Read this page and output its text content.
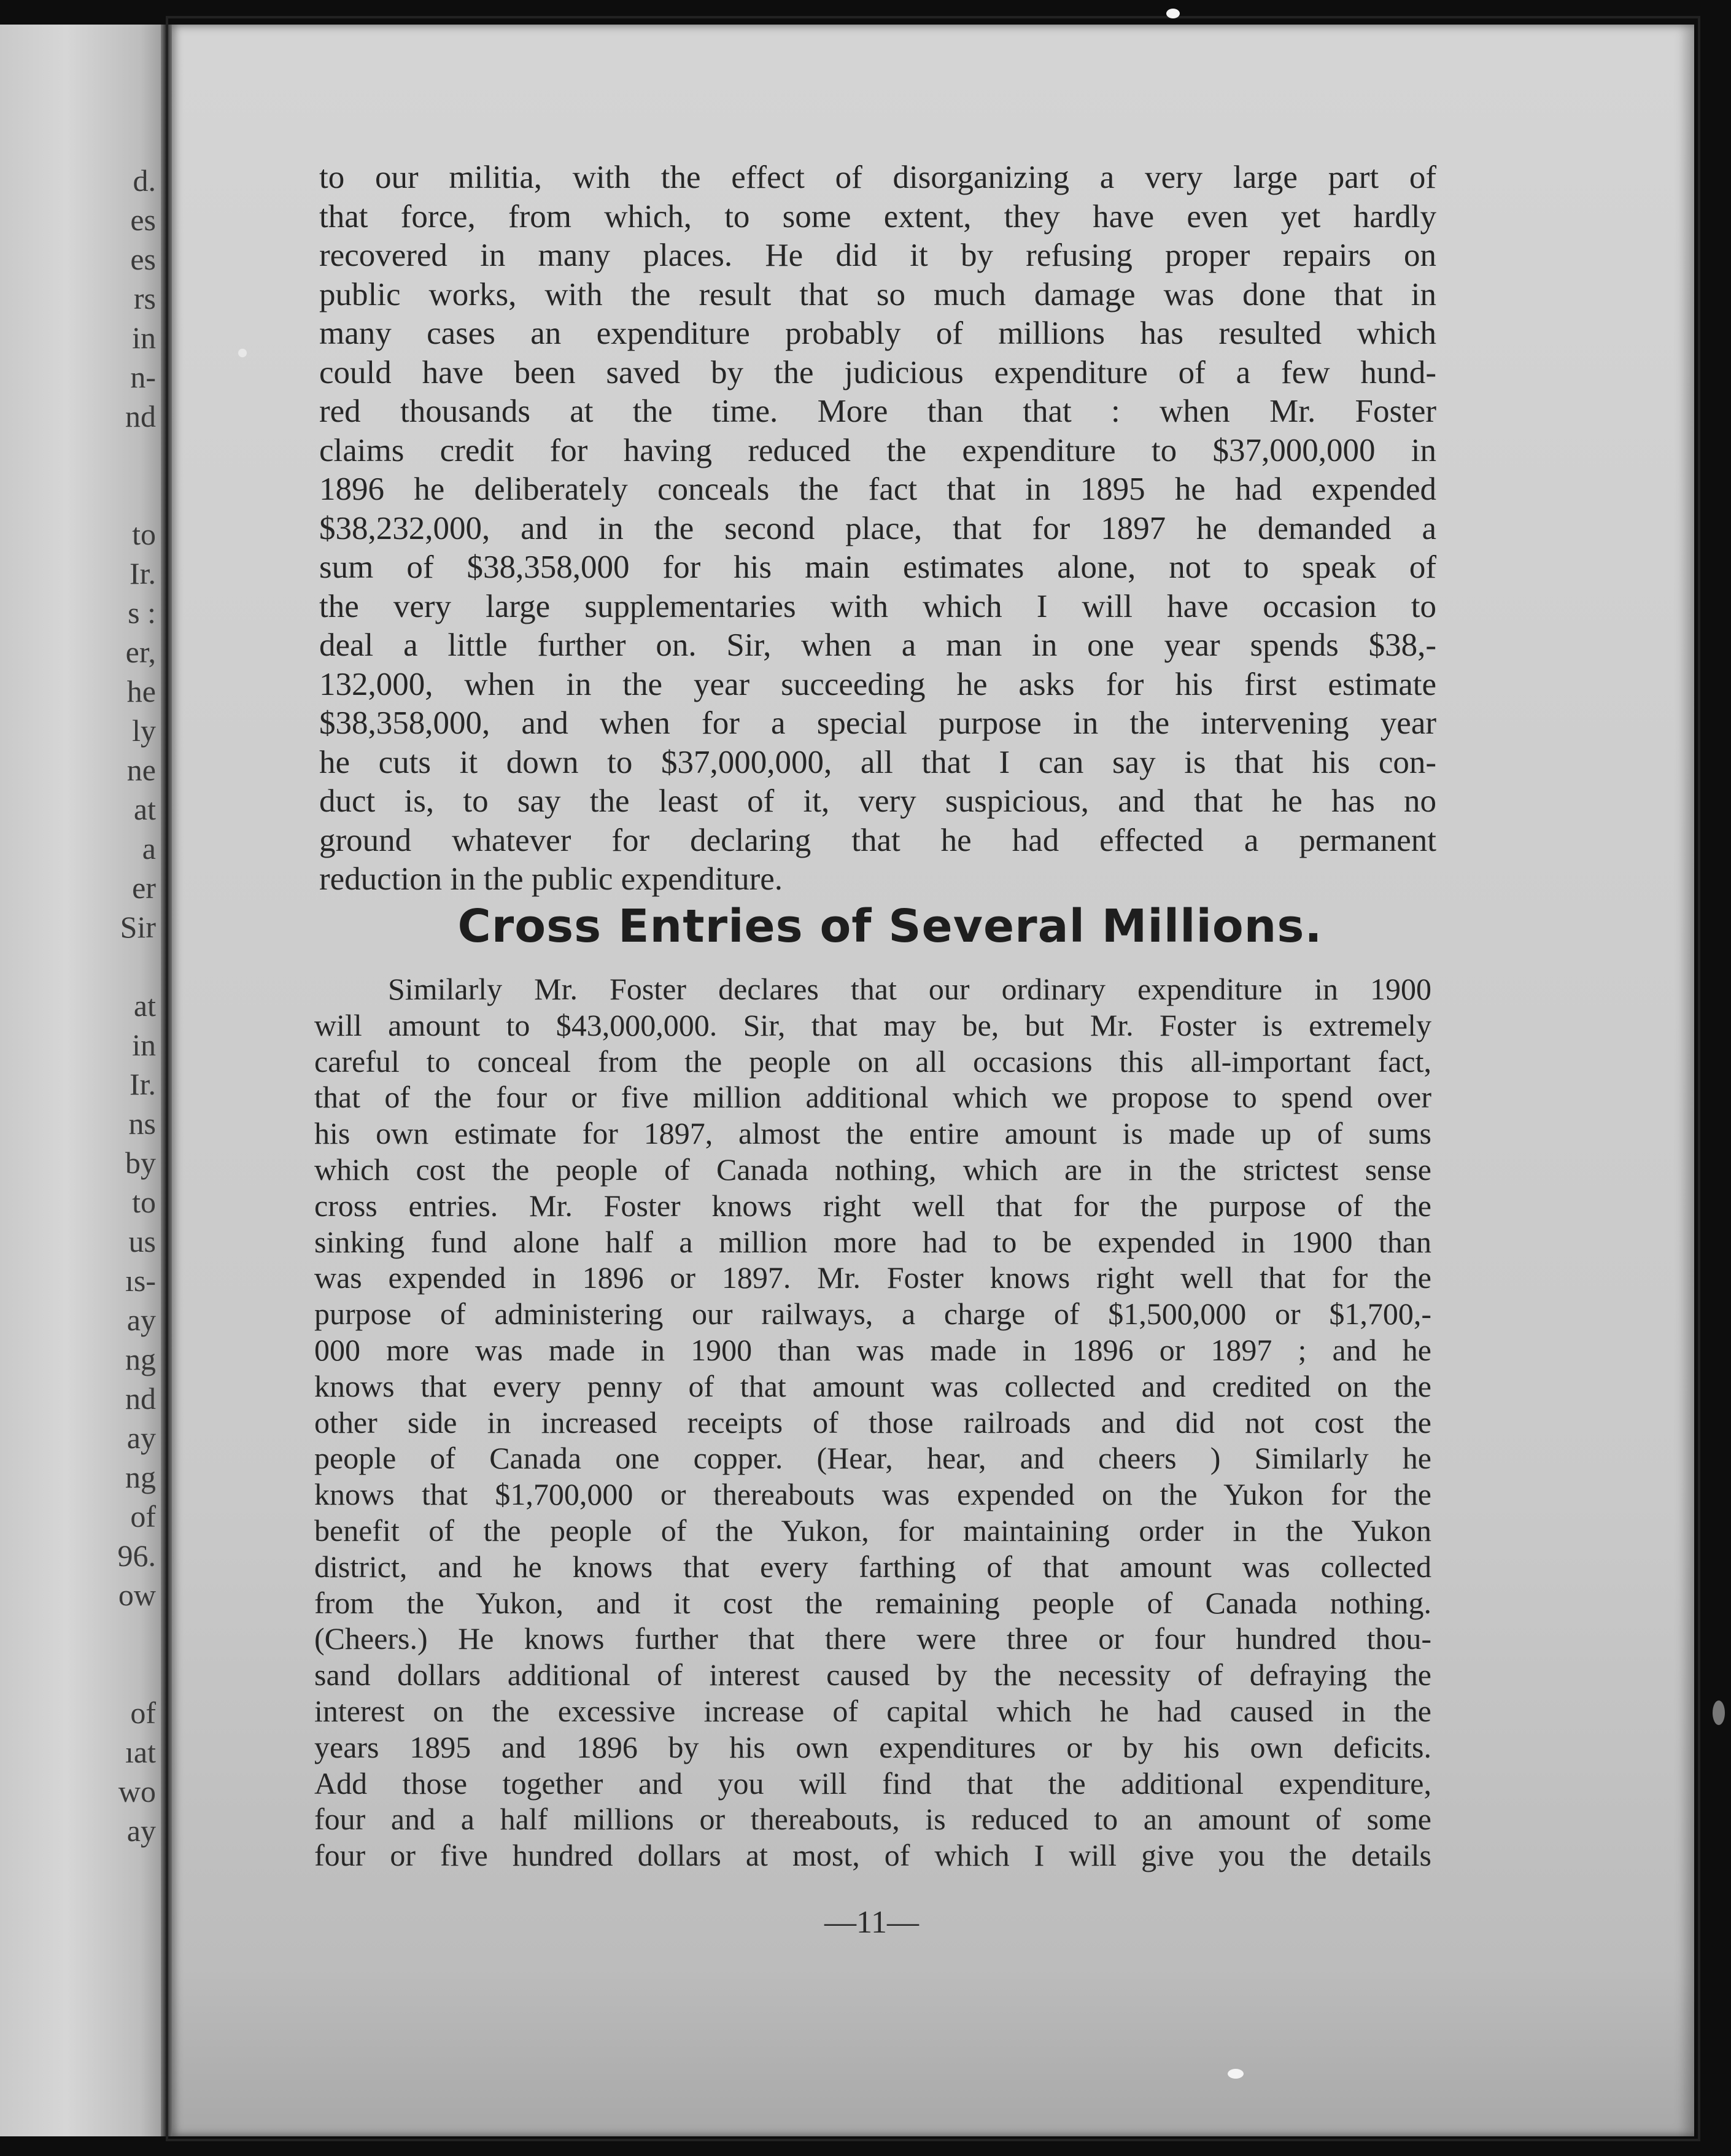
d.
es
es
rs
in
n-
nd
to
Ir.
s :
er,
he
ly
ne
at
a
er
Sir
at
in
Ir.
ns
by
to
us
ıs-
ay
ng
nd
ay
ng
of
96.
ow
of
ıat
wo
ay
to our militia, with the effect of disorganizing a very large part of
that force, from which, to some extent, they have even yet hardly
recovered in many places. He did it by refusing proper repairs on
public works, with the result that so much damage was done that in
many cases an expenditure probably of millions has resulted which
could have been saved by the judicious expenditure of a few hund-
red thousands at the time. More than that : when Mr. Foster
claims credit for having reduced the expenditure to $37,000,000 in
1896 he deliberately conceals the fact that in 1895 he had expended
$38,232,000, and in the second place, that for 1897 he demanded a
sum of $38,358,000 for his main estimates alone, not to speak of
the very large supplementaries with which I will have occasion to
deal a little further on. Sir, when a man in one year spends $38,-
132,000, when in the year succeeding he asks for his first estimate
$38,358,000, and when for a special purpose in the intervening year
he cuts it down to $37,000,000, all that I can say is that his con-
duct is, to say the least of it, very suspicious, and that he has no
ground whatever for declaring that he had effected a permanent
reduction in the public expenditure.
Cross Entries of Several Millions.
Similarly Mr. Foster declares that our ordinary expenditure in 1900
will amount to $43,000,000. Sir, that may be, but Mr. Foster is extremely
careful to conceal from the people on all occasions this all-important fact,
that of the four or five million additional which we propose to spend over
his own estimate for 1897, almost the entire amount is made up of sums
which cost the people of Canada nothing, which are in the strictest sense
cross entries. Mr. Foster knows right well that for the purpose of the
sinking fund alone half a million more had to be expended in 1900 than
was expended in 1896 or 1897. Mr. Foster knows right well that for the
purpose of administering our railways, a charge of $1,500,000 or $1,700,-
000 more was made in 1900 than was made in 1896 or 1897 ; and he
knows that every penny of that amount was collected and credited on the
other side in increased receipts of those railroads and did not cost the
people of Canada one copper. (Hear, hear, and cheers ) Similarly he
knows that $1,700,000 or thereabouts was expended on the Yukon for the
benefit of the people of the Yukon, for maintaining order in the Yukon
district, and he knows that every farthing of that amount was collected
from the Yukon, and it cost the remaining people of Canada nothing.
(Cheers.) He knows further that there were three or four hundred thou-
sand dollars additional of interest caused by the necessity of defraying the
interest on the excessive increase of capital which he had caused in the
years 1895 and 1896 by his own expenditures or by his own deficits.
Add those together and you will find that the additional expenditure,
four and a half millions or thereabouts, is reduced to an amount of some
four or five hundred dollars at most, of which I will give you the details
—11—
